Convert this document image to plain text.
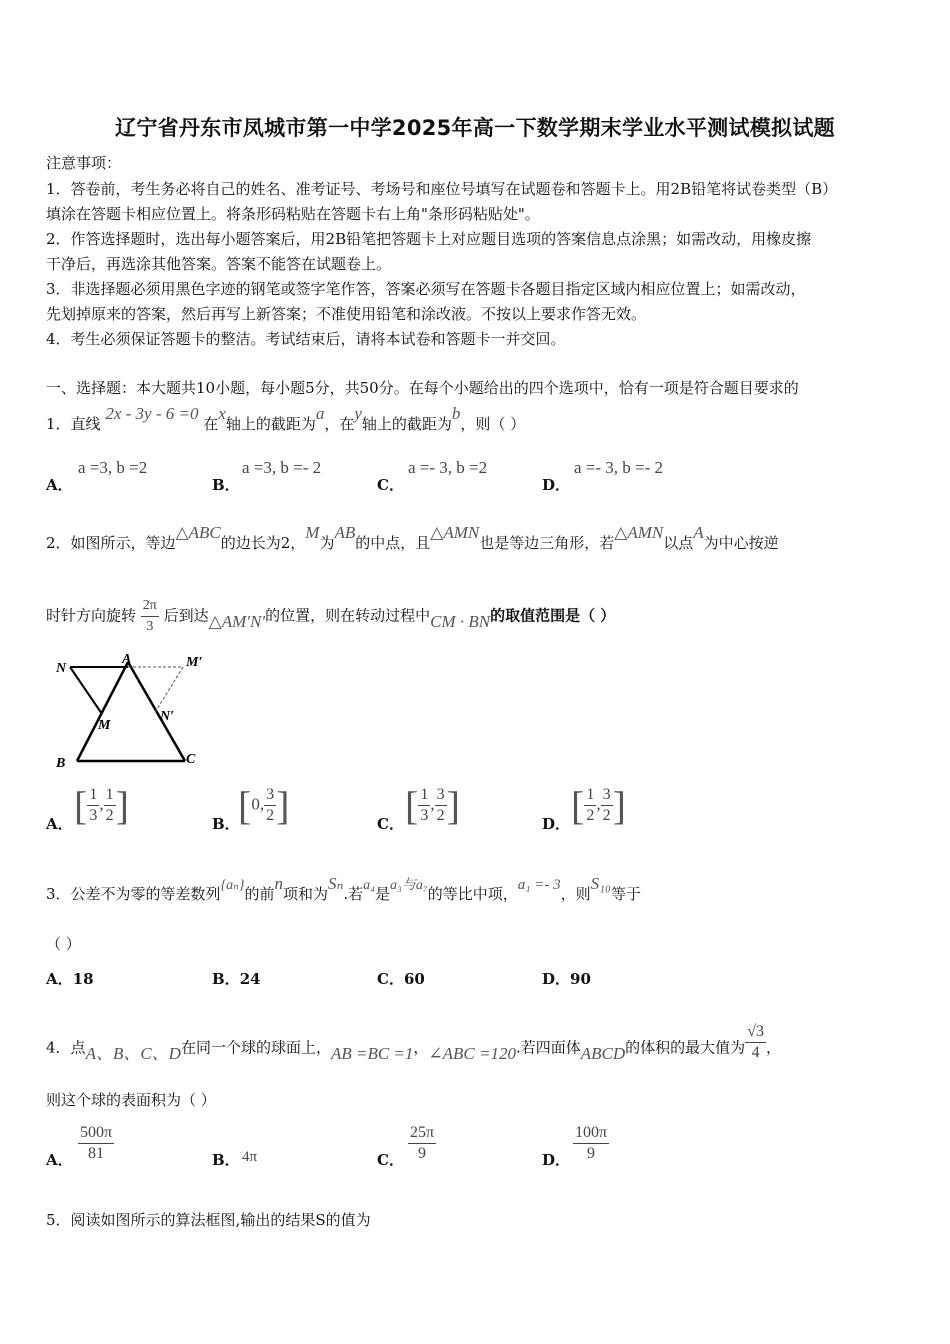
辽宁省丹东市凤城市第一中学2025年高一下数学期末学业水平测试模拟试题
注意事项：
1．答卷前，考生务必将自己的姓名、准考证号、考场号和座位号填写在试题卷和答题卡上。用2B铅笔将试卷类型（B）
填涂在答题卡相应位置上。将条形码粘贴在答题卡右上角"条形码粘贴处"。
2．作答选择题时，选出每小题答案后，用2B铅笔把答题卡上对应题目选项的答案信息点涂黑；如需改动，用橡皮擦
干净后，再选涂其他答案。答案不能答在试题卷上。
3．非选择题必须用黑色字迹的钢笔或签字笔作答，答案必须写在答题卡各题目指定区域内相应位置上；如需改动，
先划掉原来的答案，然后再写上新答案；不准使用铅笔和涂改液。不按以上要求作答无效。
4．考生必须保证答题卡的整洁。考试结束后，请将本试卷和答题卡一并交回。
一、选择题：本大题共10小题，每小题5分，共50分。在每个小题给出的四个选项中，恰有一项是符合题目要求的
1．直线 2x - 3y - 6 =0 在x轴上的截距为a，在y轴上的截距为b，则（ ）
A．
a =3, b =2
B．
a =3, b =- 2
C．
a =- 3, b =2
D．
a =- 3, b =- 2
2．如图所示，等边△ABC的边长为2，M为AB的中点，且△AMN也是等边三角形，若△AMN以点A为中心按逆
时针方向旋转 $\frac{2\pi}{3}$ 后到达△AM′N′的位置，则在转动过程中CM · BN的取值范围是（ ）
N
A	M′
M
N′
B	C
A． [ $\frac{1}{3}$ , $\frac{1}{2}$ ]	B．
[0, $\frac{3}{2}$ ]	C． [ $\frac{1}{3}$ , $\frac{3}{2}$ ]	D． [ $\frac{1}{2}$ , $\frac{3}{2}$ ]
3．公差不为零的等差数列{aₙ}的前n项和为Sₙ.若a₄是a₃与a₇的等比中项，a₁ =- 3，则S₁₀等于
（ ）
A．18	B．24	C．60	D．90
4．点A、B、C、D在同一个球的球面上，AB =BC =1，∠ABC =120.若四面体ABCD的体积的最大值为 $\frac{√3}{4}$ ，
则这个球的表面积为（ ）
A． $\frac{500\pi}{81}$	B． 4π	C． $\frac{25\pi}{9}$	D． $\frac{100\pi}{9}$
5．阅读如图所示的算法框图,输出的结果S的值为
